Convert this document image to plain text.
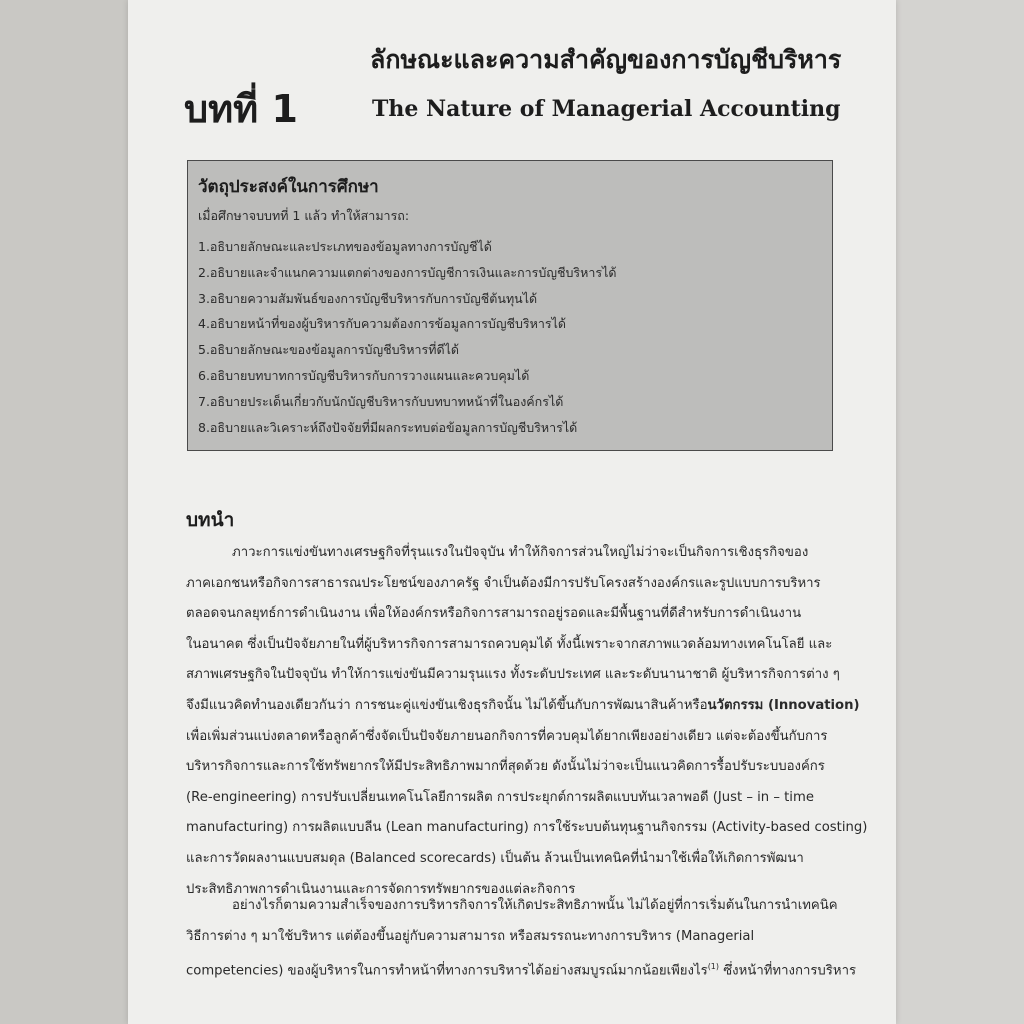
บทที่ 1
ลักษณะและความสำคัญของการบัญชีบริหาร
The Nature of Managerial Accounting
วัตถุประสงค์ในการศึกษา
เมื่อศึกษาจบบทที่ 1 แล้ว ทำให้สามารถ:
1.อธิบายลักษณะและประเภทของข้อมูลทางการบัญชีได้
2.อธิบายและจำแนกความแตกต่างของการบัญชีการเงินและการบัญชีบริหารได้
3.อธิบายความสัมพันธ์ของการบัญชีบริหารกับการบัญชีต้นทุนได้
4.อธิบายหน้าที่ของผู้บริหารกับความต้องการข้อมูลการบัญชีบริหารได้
5.อธิบายลักษณะของข้อมูลการบัญชีบริหารที่ดีได้
6.อธิบายบทบาทการบัญชีบริหารกับการวางแผนและควบคุมได้
7.อธิบายประเด็นเกี่ยวกับนักบัญชีบริหารกับบทบาทหน้าที่ในองค์กรได้
8.อธิบายและวิเคราะห์ถึงปัจจัยที่มีผลกระทบต่อข้อมูลการบัญชีบริหารได้
บทนำ
ภาวะการแข่งขันทางเศรษฐกิจที่รุนแรงในปัจจุบัน ทำให้กิจการส่วนใหญ่ไม่ว่าจะเป็นกิจการเชิงธุรกิจของ
ภาคเอกชนหรือกิจการสาธารณประโยชน์ของภาครัฐ จำเป็นต้องมีการปรับโครงสร้างองค์กรและรูปแบบการบริหาร
ตลอดจนกลยุทธ์การดำเนินงาน เพื่อให้องค์กรหรือกิจการสามารถอยู่รอดและมีพื้นฐานที่ดีสำหรับการดำเนินงาน
ในอนาคต ซึ่งเป็นปัจจัยภายในที่ผู้บริหารกิจการสามารถควบคุมได้ ทั้งนี้เพราะจากสภาพแวดล้อมทางเทคโนโลยี และ
สภาพเศรษฐกิจในปัจจุบัน ทำให้การแข่งขันมีความรุนแรง ทั้งระดับประเทศ และระดับนานาชาติ ผู้บริหารกิจการต่าง ๆ
จึงมีแนวคิดทำนองเดียวกันว่า การชนะคู่แข่งขันเชิงธุรกิจนั้น ไม่ได้ขึ้นกับการพัฒนาสินค้าหรือนวัตกรรม (Innovation)
เพื่อเพิ่มส่วนแบ่งตลาดหรือลูกค้าซึ่งจัดเป็นปัจจัยภายนอกกิจการที่ควบคุมได้ยากเพียงอย่างเดียว แต่จะต้องขึ้นกับการ
บริหารกิจการและการใช้ทรัพยากรให้มีประสิทธิภาพมากที่สุดด้วย ดังนั้นไม่ว่าจะเป็นแนวคิดการรื้อปรับระบบองค์กร
(Re-engineering) การปรับเปลี่ยนเทคโนโลยีการผลิต การประยุกต์การผลิตแบบทันเวลาพอดี (Just – in – time
manufacturing) การผลิตแบบลีน (Lean manufacturing) การใช้ระบบต้นทุนฐานกิจกรรม (Activity-based costing)
และการวัดผลงานแบบสมดุล (Balanced scorecards) เป็นต้น ล้วนเป็นเทคนิคที่นำมาใช้เพื่อให้เกิดการพัฒนา
ประสิทธิภาพการดำเนินงานและการจัดการทรัพยากรของแต่ละกิจการ
อย่างไรก็ตามความสำเร็จของการบริหารกิจการให้เกิดประสิทธิภาพนั้น ไม่ได้อยู่ที่การเริ่มต้นในการนำเทคนิค
วิธีการต่าง ๆ มาใช้บริหาร แต่ต้องขึ้นอยู่กับความสามารถ หรือสมรรถนะทางการบริหาร (Managerial
competencies) ของผู้บริหารในการทำหน้าที่ทางการบริหารได้อย่างสมบูรณ์มากน้อยเพียงไร$^{(1)}$ ซึ่งหน้าที่ทางการบริหาร
